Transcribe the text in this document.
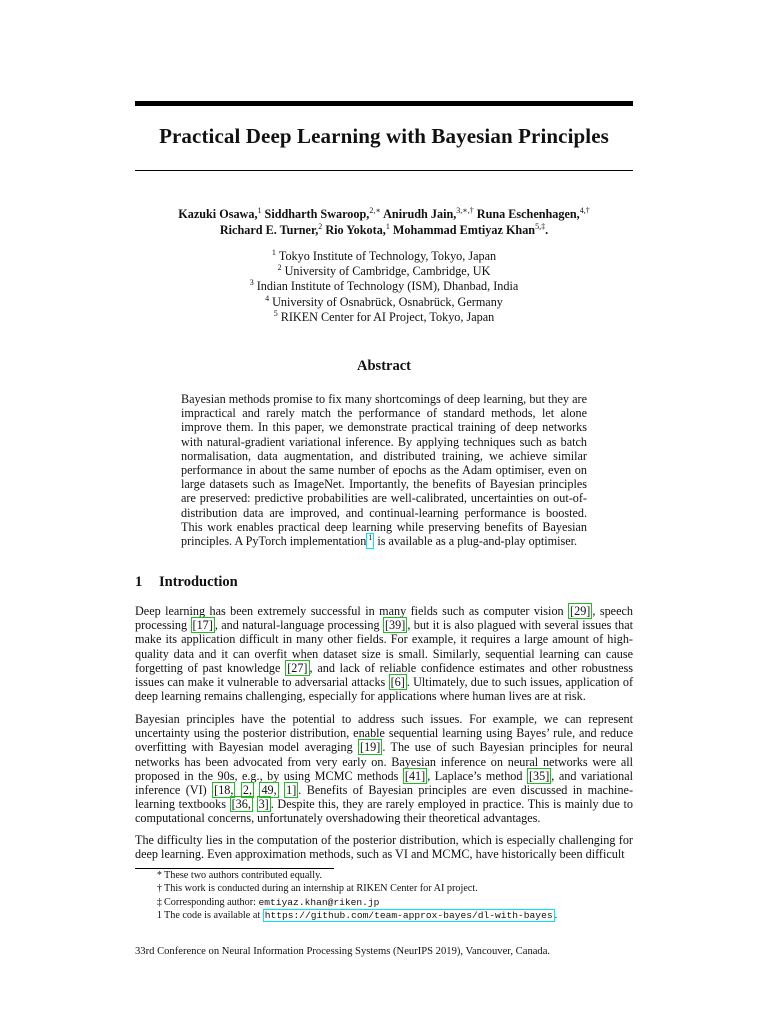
Practical Deep Learning with Bayesian Principles
Kazuki Osawa,$^1$ Siddharth Swaroop,$^{2,∗}$ Anirudh Jain,$^{3,∗,\dagger}$ Runa Eschenhagen,$^{4,\dagger}$
Richard E. Turner,$^2$ Rio Yokota,$^1$ Mohammad Emtiyaz Khan$^{5,\ddagger}$.
$^1$ Tokyo Institute of Technology, Tokyo, Japan
$^2$ University of Cambridge, Cambridge, UK
$^3$ Indian Institute of Technology (ISM), Dhanbad, India
$^4$ University of Osnabrück, Osnabrück, Germany
$^5$ RIKEN Center for AI Project, Tokyo, Japan
Abstract
Bayesian methods promise to fix many shortcomings of deep learning, but they are impractical and rarely match the performance of standard methods, let alone improve them. In this paper, we demonstrate practical training of deep networks with natural-gradient variational inference. By applying techniques such as batch normalisation, data augmentation, and distributed training, we achieve similar performance in about the same number of epochs as the Adam optimiser, even on large datasets such as ImageNet. Importantly, the benefits of Bayesian principles are preserved: predictive probabilities are well-calibrated, uncertainties on out-of-distribution data are improved, and continual-learning performance is boosted. This work enables practical deep learning while preserving benefits of Bayesian principles. A PyTorch implementation $^1$ is available as a plug-and-play optimiser.
1 Introduction
Deep learning has been extremely successful in many fields such as computer vision [29] , speech processing [17] , and natural-language processing [39] , but it is also plagued with several issues that make its application difficult in many other fields. For example, it requires a large amount of high-quality data and it can overfit when dataset size is small. Similarly, sequential learning can cause forgetting of past knowledge [27] , and lack of reliable confidence estimates and other robustness issues can make it vulnerable to adversarial attacks [6] . Ultimately, due to such issues, application of deep learning remains challenging, especially for applications where human lives are at risk.
Bayesian principles have the potential to address such issues. For example, we can represent uncertainty using the posterior distribution, enable sequential learning using Bayes’ rule, and reduce overfitting with Bayesian model averaging [19] . The use of such Bayesian principles for neural networks has been advocated from very early on. Bayesian inference on neural networks were all proposed in the 90s, e.g., by using MCMC methods [41] , Laplace’s method [35] , and variational inference (VI) [18, 2, 49, 1] . Benefits of Bayesian principles are even discussed in machine-learning textbooks [36, 3] . Despite this, they are rarely employed in practice. This is mainly due to computational concerns, unfortunately overshadowing their theoretical advantages.
The difficulty lies in the computation of the posterior distribution, which is especially challenging for deep learning. Even approximation methods, such as VI and MCMC, have historically been difficult
* These two authors contributed equally.
† This work is conducted during an internship at RIKEN Center for AI project.
‡ Corresponding author: emtiyaz.khan@riken.jp
1 The code is available at https://github.com/team-approx-bayes/dl-with-bayes .
33rd Conference on Neural Information Processing Systems (NeurIPS 2019), Vancouver, Canada.
